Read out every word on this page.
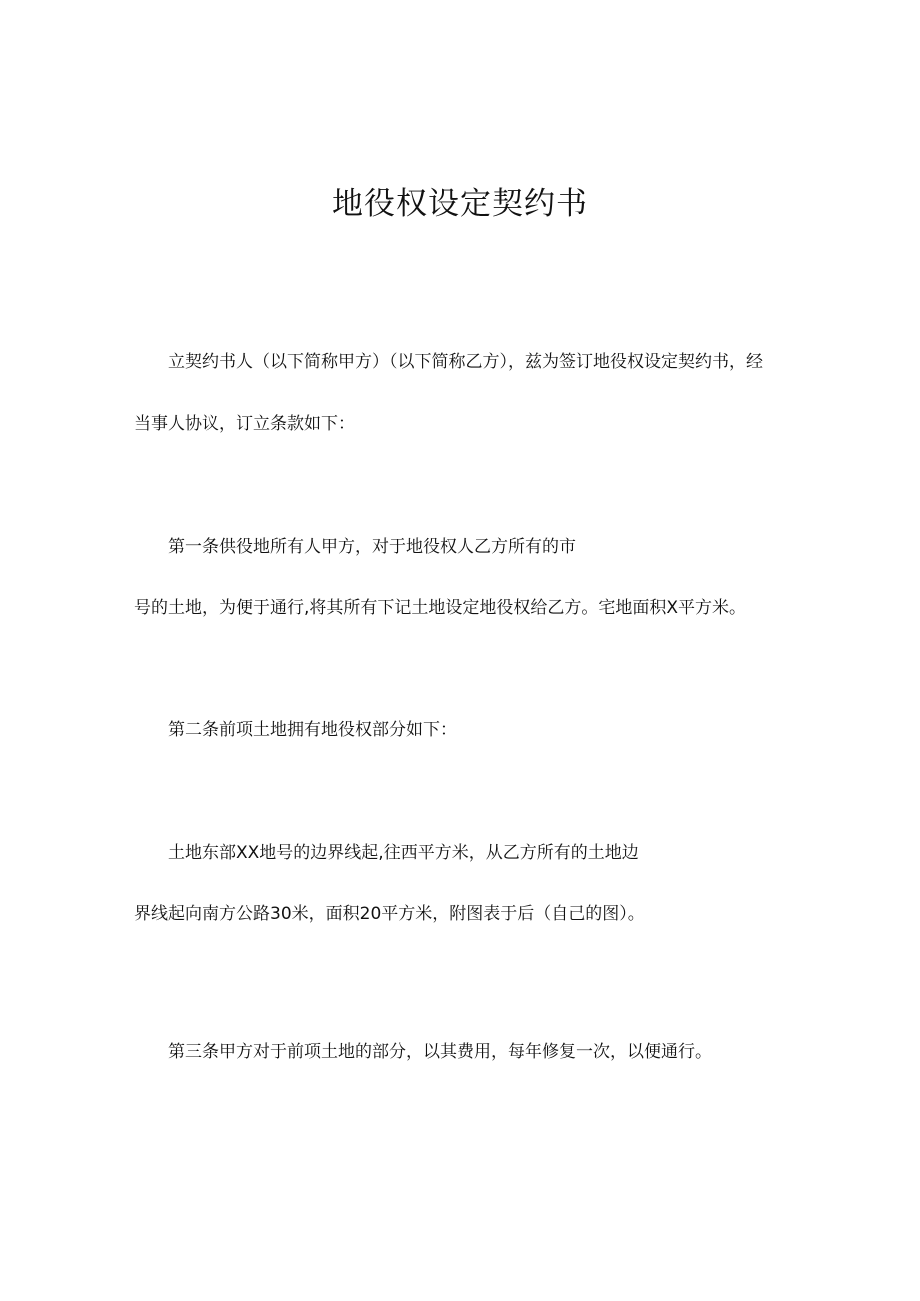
地役权设定契约书
立契约书人（以下简称甲方）（以下简称乙方），兹为签订地役权设定契约书，经
当事人协议，订立条款如下：
第一条供役地所有人甲方，对于地役权人乙方所有的市
号的土地，为便于通行,将其所有下记土地设定地役权给乙方。宅地面积X平方米。
第二条前项土地拥有地役权部分如下：
土地东部XX地号的边界线起,往西平方米，从乙方所有的土地边
界线起向南方公路30米，面积20平方米，附图表于后（自己的图）。
第三条甲方对于前项土地的部分，以其费用，每年修复一次，以便通行。
